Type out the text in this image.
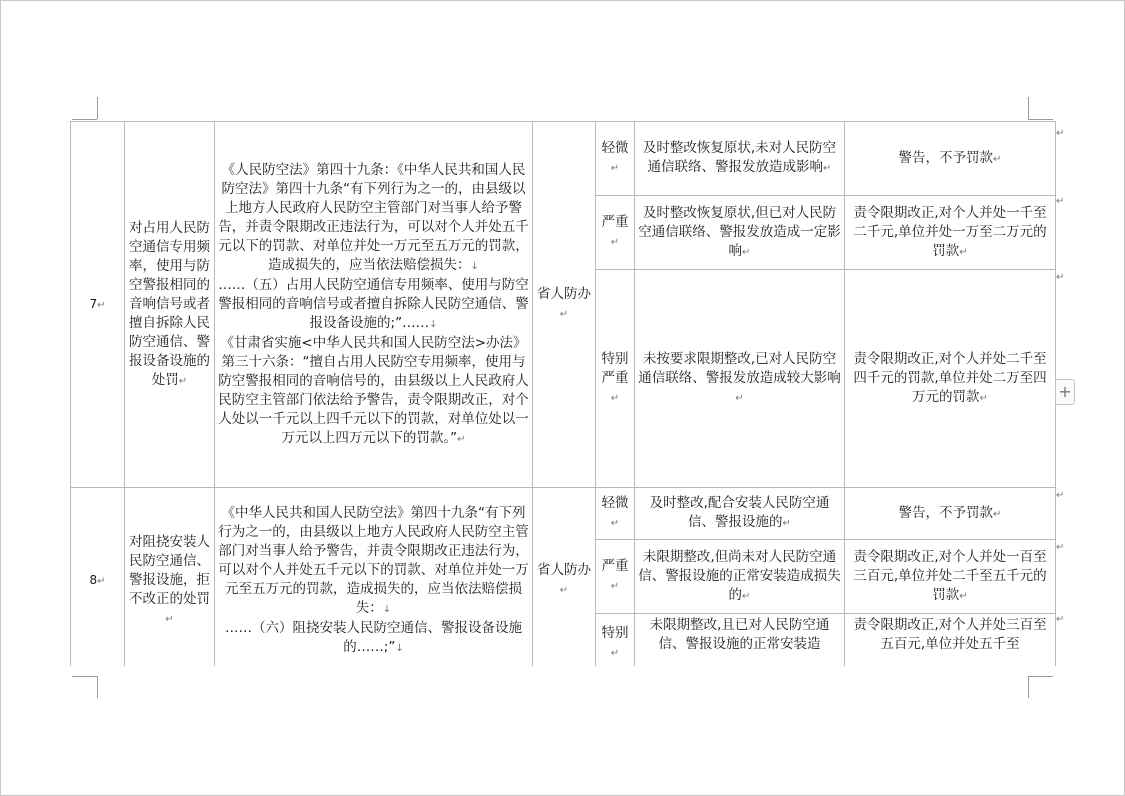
7↵	对占用人民防空通信专用频率，使用与防空警报相同的音响信号或者擅自拆除人民防空通信、警报设备设施的处罚↵	《人民防空法》第四十九条：《中华人民共和国人民防空法》第四十九条“有下列行为之一的，由县级以上地方人民政府人民防空主管部门对当事人给予警告，并责令限期改正违法行为，可以对个人并处五千元以下的罚款、对单位并处一万元至五万元的罚款，造成损失的，应当依法赔偿损失：↓
……（五）占用人民防空通信专用频率、使用与防空警报相同的音响信号或者擅自拆除人民防空通信、警报设备设施的;”……↓
《甘肃省实施<中华人民共和国人民防空法>办法》第三十六条：“擅自占用人民防空专用频率，使用与防空警报相同的音响信号的，由县级以上人民政府人民防空主管部门依法给予警告，责令限期改正，对个人处以一千元以上四千元以下的罚款，对单位处以一万元以上四万元以下的罚款。”↵	省人防办↵	轻微↵	及时整改恢复原状,未对人民防空通信联络、警报发放造成影响↵	警告，不予罚款↵
				严重↵	及时整改恢复原状,但已对人民防空通信联络、警报发放造成一定影响↵	责令限期改正,对个人并处一千至二千元,单位并处一万至二万元的罚款↵
				特别严重↵	未按要求限期整改,已对人民防空通信联络、警报发放造成较大影响↵	责令限期改正,对个人并处二千至四千元的罚款,单位并处二万至四万元的罚款↵
8↵	对阻挠安装人民防空通信、警报设施，拒不改正的处罚↵	《中华人民共和国人民防空法》第四十九条“有下列行为之一的，由县级以上地方人民政府人民防空主管部门对当事人给予警告，并责令限期改正违法行为，可以对个人并处五千元以下的罚款、对单位并处一万元至五万元的罚款，造成损失的，应当依法赔偿损失：↓
……（六）阻挠安装人民防空通信、警报设备设施的……;”↓	省人防办↵	轻微↵	及时整改,配合安装人民防空通信、警报设施的↵	警告，不予罚款↵
				严重↵	未限期整改,但尚未对人民防空通信、警报设施的正常安装造成损失的↵	责令限期改正,对个人并处一百至三百元,单位并处二千至五千元的罚款↵
				特别↵	未限期整改,且已对人民防空通信、警报设施的正常安装造	责令限期改正,对个人并处三百至五百元,单位并处五千至
↵
↵
↵
↵
↵
↵
+
